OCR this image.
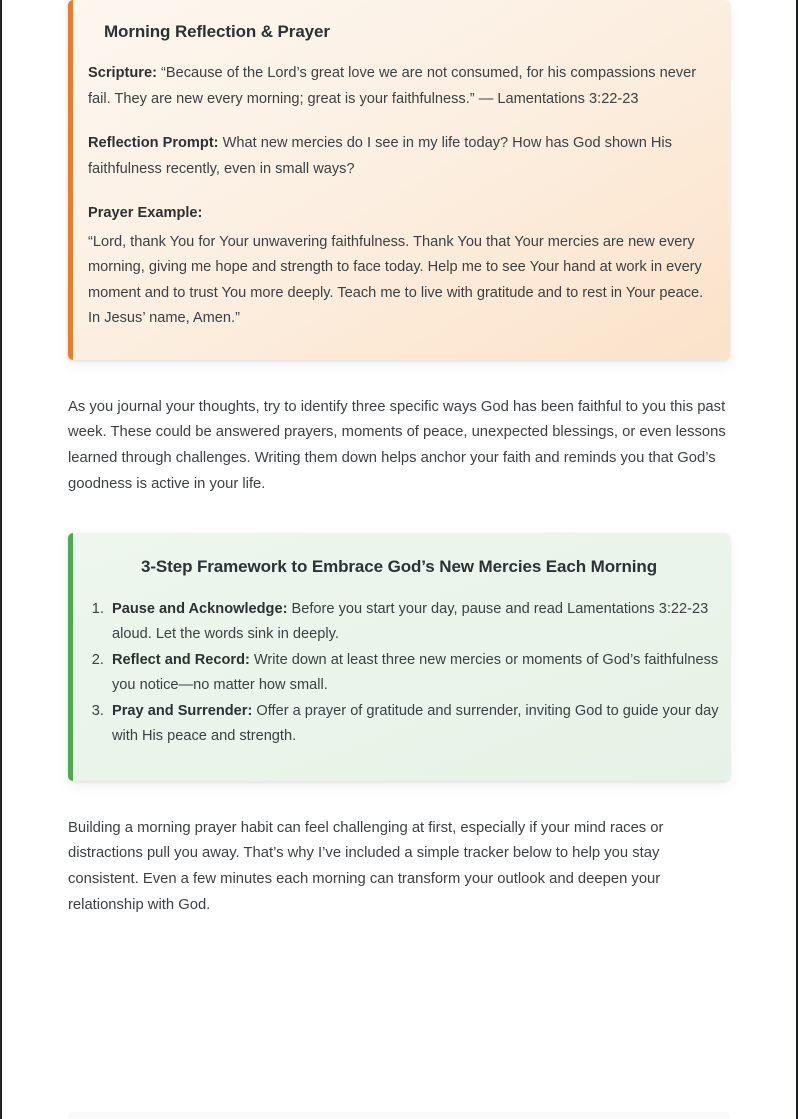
Morning Reflection & Prayer

Scripture: “Because of the Lord’s great love we are not consumed, for his compassions never fail. They are new every morning; great is your faithfulness.” — Lamentations 3:22-23

Reflection Prompt: What new mercies do I see in my life today? How has God shown His faithfulness recently, even in small ways?

Prayer Example:

“Lord, thank You for Your unwavering faithfulness. Thank You that Your mercies are new every morning, giving me hope and strength to face today. Help me to see Your hand at work in every moment and to trust You more deeply. Teach me to live with gratitude and to rest in Your peace. In Jesus’ name, Amen.”

As you journal your thoughts, try to identify three specific ways God has been faithful to you this past week. These could be answered prayers, moments of peace, unexpected blessings, or even lessons learned through challenges. Writing them down helps anchor your faith and reminds you that God’s goodness is active in your life.

3-Step Framework to Embrace God’s New Mercies Each Morning
1. Pause and Acknowledge: Before you start your day, pause and read Lamentations 3:22-23 aloud. Let the words sink in deeply.
2. Reflect and Record: Write down at least three new mercies or moments of God’s faithfulness you notice—no matter how small.
3. Pray and Surrender: Offer a prayer of gratitude and surrender, inviting God to guide your day with His peace and strength.

Building a morning prayer habit can feel challenging at first, especially if your mind races or distractions pull you away. That’s why I’ve included a simple tracker below to help you stay consistent. Even a few minutes each morning can transform your outlook and deepen your relationship with God.
